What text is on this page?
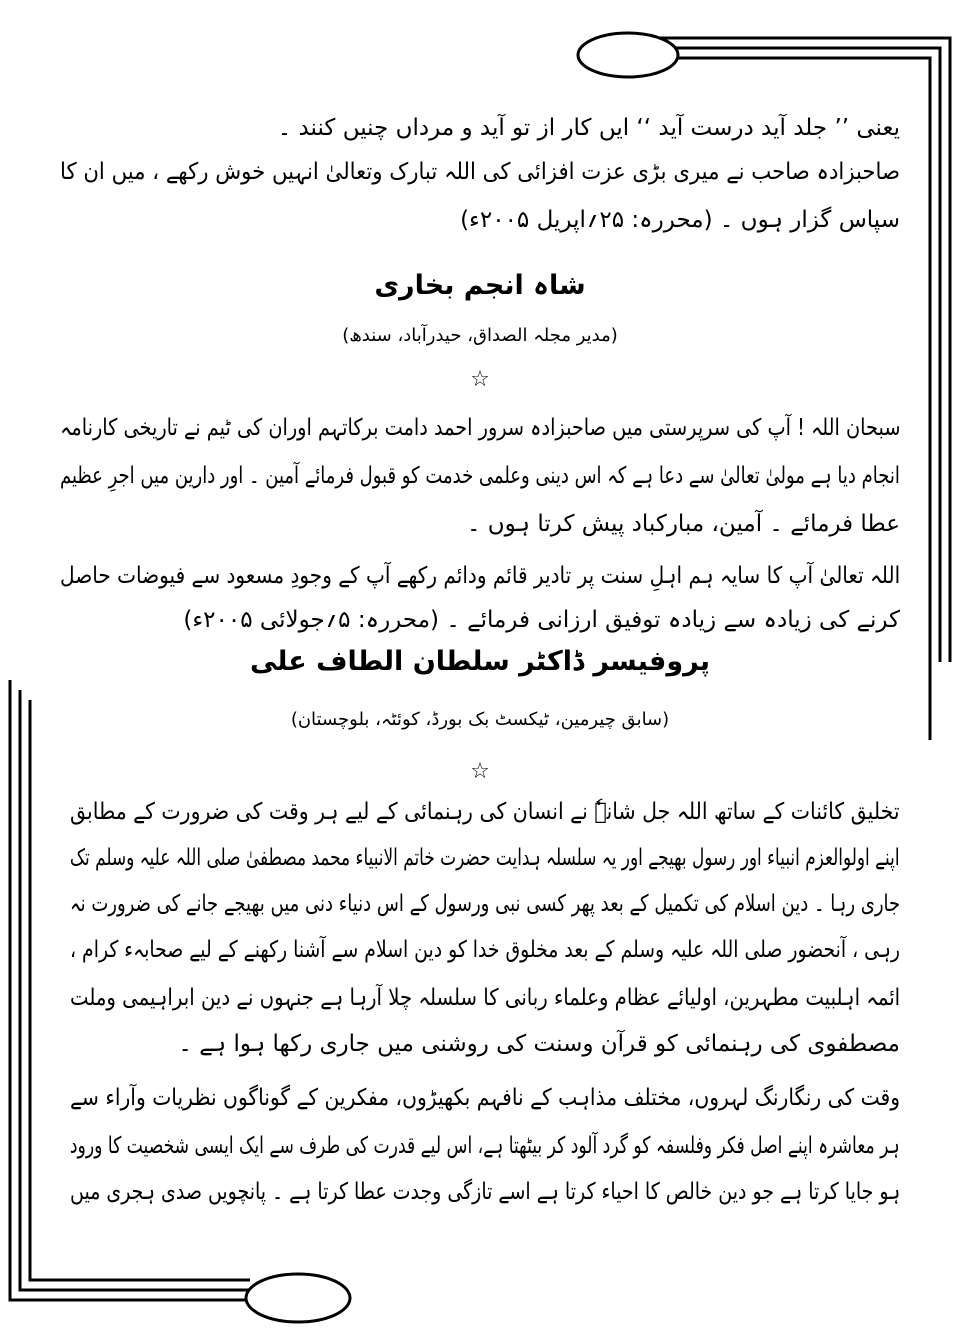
یعنی ’’ جلد آید درست آید ‘‘ ایں کار از تو آید و مرداں چنیں کنند ۔
صاحبزادہ صاحب نے میری بڑی عزت افزائی کی اللہ تبارک وتعالیٰ انہیں خوش رکھے ، میں ان کا
سپاس گزار ہوں ۔ (محررہ: ۲۵؍اپریل ۲۰۰۵ء)
شاہ انجم بخاری
(مدیر مجلہ الصداق، حیدرآباد، سندھ)
☆
سبحان اللہ ! آپ کی سرپرستی میں صاحبزادہ سرور احمد دامت برکاتہم اوران کی ٹیم نے تاریخی کارنامہ
انجام دیا ہے مولیٰ تعالیٰ سے دعا ہے کہ اس دینی وعلمی خدمت کو قبول فرمائے آمین ۔ اور دارین میں اجرِ عظیم
عطا فرمائے ۔ آمین، مبارکباد پیش کرتا ہوں ۔
اللہ تعالیٰ آپ کا سایہ ہم اہلِ سنت پر تادیر قائم ودائم رکھے آپ کے وجودِ مسعود سے فیوضات حاصل
کرنے کی زیادہ سے زیادہ توفیق ارزانی فرمائے ۔ (محررہ: ۵؍جولائی ۲۰۰۵ء)
پروفیسر ڈاکٹر سلطان الطاف علی
(سابق چیرمین، ٹیکسٹ بک بورڈ، کوئٹہ، بلوچستان)
☆
تخلیق کائنات کے ساتھ اللہ جل شانہٗ نے انسان کی رہنمائی کے لیے ہر وقت کی ضرورت کے مطابق
اپنے اولوالعزم انبیاء اور رسول بھیجے اور یہ سلسلہ ہدایت حضرت خاتم الانبیاء محمد مصطفیٰ صلی اللہ علیہ وسلم تک
جاری رہا ۔ دین اسلام کی تکمیل کے بعد پھر کسی نبی ورسول کے اس دنیاء دنی میں بھیجے جانے کی ضرورت نہ
رہی ، آنحضور صلی اللہ علیہ وسلم کے بعد مخلوق خدا کو دین اسلام سے آشنا رکھنے کے لیے صحابہء کرام ،
ائمہ اہلبیت مطہرین، اولیائے عظام وعلماء ربانی کا سلسلہ چلا آرہا ہے جنہوں نے دین ابراہیمی وملت
مصطفوی کی رہنمائی کو قرآن وسنت کی روشنی میں جاری رکھا ہوا ہے ۔
وقت کی رنگارنگ لہروں، مختلف مذاہب کے نافہم بکھیڑوں، مفکرین کے گوناگوں نظریات وآراء سے
ہر معاشرہ اپنے اصل فکر وفلسفہ کو گرد آلود کر بیٹھتا ہے، اس لیے قدرت کی طرف سے ایک ایسی شخصیت کا ورود
ہو جایا کرتا ہے جو دین خالص کا احیاء کرتا ہے اسے تازگی وجدت عطا کرتا ہے ۔ پانچویں صدی ہجری میں
